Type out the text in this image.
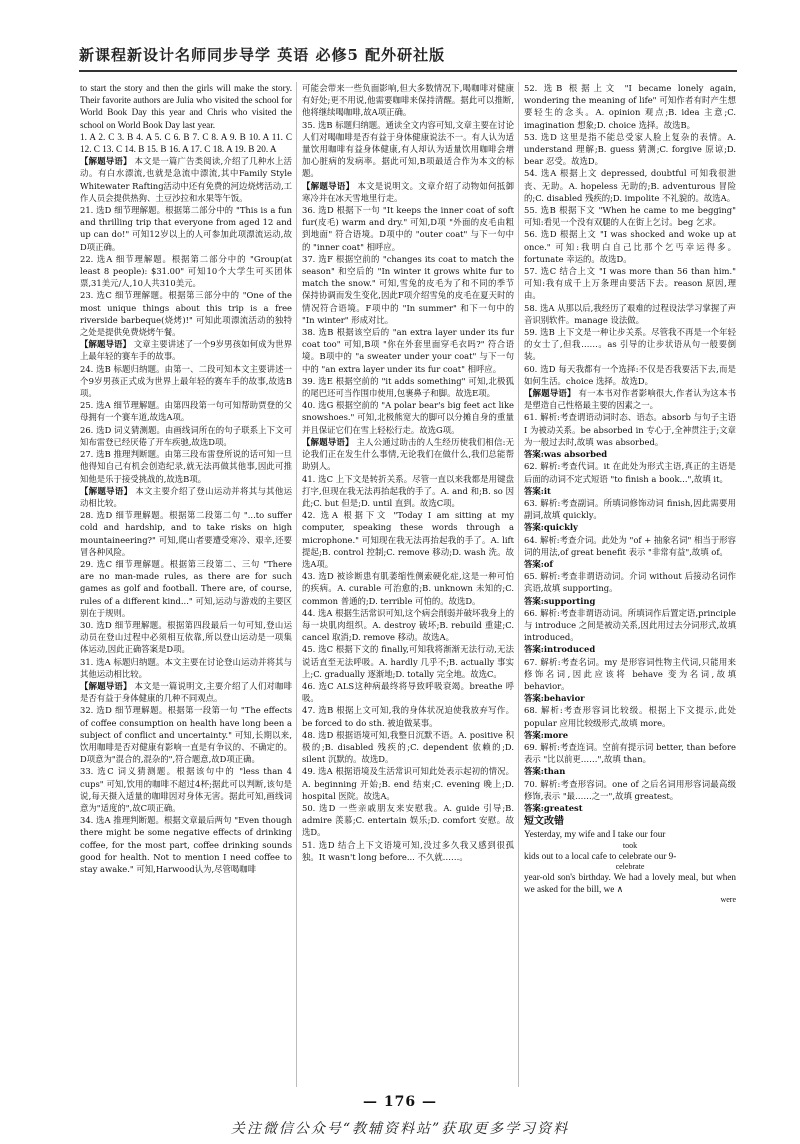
新课程新设计名师同步导学 英语 必修5 配外研社版

to start the story and then the girls will make the story. Their favorite authors are Julia who visited the school for World Book Day this year and Chris who visited the school on World Book Day last year.

1. A 2. C 3. B 4. A 5. C 6. B 7. C 8. A 9. B 10. A 11. C 12. C 13. C 14. B 15. B 16. A 17. C 18. A 19. B 20. A

【解题导语】 本文是一篇广告类阅读,介绍了几种水上活动。有白水漂流,也就是急流中漂流,其中Family Style Whitewater Rafting活动中还有免费的河边烧烤活动,工作人员会提供热狗、土豆沙拉和水果等午饭。

21. 选D 细节理解题。根据第二部分中的 "This is a fun and thrilling trip that everyone from aged 12 and up can do!" 可知12岁以上的人可参加此项漂流运动,故D项正确。

22. 选A 细节理解题。根据第二部分中的 "Group(at least 8 people): $31.00" 可知10个大学生可买团体票,31美元/人,10人共310美元。

23. 选C 细节理解题。根据第三部分中的 "One of the most unique things about this trip is a free riverside barbeque(烧烤)!" 可知此项漂流活动的独特之处是提供免费烧烤午餐。

【解题导语】 文章主要讲述了一个9岁男孩如何成为世界上最年轻的赛车手的故事。

24. 选B 标题归纳题。由第一、二段可知本文主要讲述一个9岁男孩正式成为世界上最年轻的赛车手的故事,故选B项。

25. 选A 细节理解题。由第四段第一句可知帮助贾登的父母拥有一个赛车道,故选A项。

26. 选D 词义猜测题。由画线词所在的句子联系上下文可知布雷登已经厌倦了开车疾驰,故选D项。

27. 选B 推理判断题。由第三段布雷登所说的话可知一旦他得知自己有机会创造纪录,就无法再做其他事,因此可推知他是乐于接受挑战的,故选B项。

【解题导语】 本文主要介绍了登山运动并将其与其他运动相比较。

28. 选D 细节理解题。根据第二段第二句 "...to suffer cold and hardship, and to take risks on high mountaineering?" 可知,爬山者要遭受寒冷、艰辛,还要冒各种风险。

29. 选C 细节理解题。根据第三段第二、三句 "There are no man-made rules, as there are for such games as golf and football. There are, of course, rules of a different kind..." 可知,运动与游戏的主要区别在于规则。

30. 选D 细节理解题。根据第四段最后一句可知,登山运动员在登山过程中必须相互依靠,所以登山运动是一项集体运动,因此正确答案是D项。

31. 选A 标题归纳题。本文主要在讨论登山运动并将其与其他运动相比较。

【解题导语】 本文是一篇说明文,主要介绍了人们对咖啡是否有益于身体健康的几种不同观点。

32. 选D 细节理解题。根据第一段第一句 "The effects of coffee consumption on health have long been a subject of conflict and uncertainty." 可知,长期以来,饮用咖啡是否对健康有影响一直是有争议的、不确定的。D项意为"混合的,混杂的",符合题意,故D项正确。

33. 选C 词义猜测题。根据该句中的 "less than 4 cups" 可知,饮用的咖啡不超过4杯;据此可以判断,该句是说,每天摄入适量的咖啡因对身体无害。据此可知,画线词意为"适度的",故C项正确。

34. 选A 推理判断题。根据文章最后两句 "Even though there might be some negative effects of drinking coffee, for the most part, coffee drinking sounds good for health. Not to mention I need coffee to stay awake." 可知,Harwood认为,尽管喝咖啡

可能会带来一些负面影响,但大多数情况下,喝咖啡对健康有好处;更不用说,他需要咖啡来保持清醒。据此可以推断,他将继续喝咖啡,故A项正确。

35. 选B 标题归纳题。通读全文内容可知,文章主要在讨论人们对喝咖啡是否有益于身体健康说法不一。有人认为适量饮用咖啡有益身体健康,有人却认为适量饮用咖啡会增加心脏病的发病率。据此可知,B项最适合作为本文的标题。

【解题导语】 本文是说明文。文章介绍了动物如何抵御寒冷并在冰天雪地里行走。

36. 选D 根据下一句 "It keeps the inner coat of soft fur(皮毛) warm and dry." 可知,D项 "外面的皮毛由粗到地面" 符合语境。D项中的 "outer coat" 与下一句中的 "inner coat" 相呼应。

37. 选F 根据空前的 "changes its coat to match the season" 和空后的 "In winter it grows white fur to match the snow." 可知,雪兔的皮毛为了和不同的季节保持协调而发生变化,因此F项介绍雪兔的皮毛在夏天时的情况符合语境。F项中的 "In summer" 和下一句中的 "In winter" 形成对比。

38. 选B 根据该空后的 "an extra layer under its fur coat too" 可知,B项 "你在外套里面穿毛衣吗?" 符合语境。B项中的 "a sweater under your coat" 与下一句中的 "an extra layer under its fur coat" 相呼应。

39. 选E 根据空前的 "it adds something" 可知,北极狐的尾巴还可当作围巾使用,包裹鼻子和脚。故选E项。

40. 选G 根据空前的 "A polar bear's big feet act like snowshoes." 可知,北极熊宽大的脚可以分摊自身的重量并且保证它们在雪上轻松行走。故选G项。

【解题导语】 主人公通过助击的人生经历使我们相信:无论我们正在发生什么事情,无论我们在做什么,我们总能帮助别人。

41. 选C 上下文是转折关系。尽管一直以来我都是用键盘打字,但现在我无法再抬起我的手了。A. and 和;B. so 因此;C. but 但是;D. until 直到。故选C项。

42. 选A 根据下文 "Today I am sitting at my computer, speaking these words through a microphone." 可知现在我无法再抬起我的手了。A. lift 提起;B. control 控制;C. remove 移动;D. wash 洗。故选A项。

43. 选D 被诊断患有肌萎缩性侧索硬化症,这是一种可怕的疾病。A. curable 可治愈的;B. unknown 未知的;C. common 普通的;D. terrible 可怕的。故选D。

44. 选A 根据生活常识可知,这个病会削弱并破坏我身上的每一块肌肉组织。A. destroy 破坏;B. rebuild 重建;C. cancel 取消;D. remove 移动。故选A。

45. 选C 根据下文的 finally,可知我将渐渐无法行动,无法说话直至无法呼吸。A. hardly 几乎不;B. actually 事实上;C. gradually 逐渐地;D. totally 完全地。故选C。

46. 选C ALS这种病最终将导致呼吸衰竭。breathe 呼吸。

47. 选B 根据上文可知,我的身体状况迫使我放弃写作。be forced to do sth. 被迫做某事。

48. 选D 根据语境可知,我整日沉默不语。A. positive 积极的;B. disabled 残疾的;C. dependent 依赖的;D. silent 沉默的。故选D。

49. 选A 根据语境及生活常识可知此处表示起初的情况。A. beginning 开始;B. end 结束;C. evening 晚上;D. hospital 医院。故选A。

50. 选D 一些亲戚朋友来安慰我。A. guide 引导;B. admire 羡慕;C. entertain 娱乐;D. comfort 安慰。故选D。

51. 选D 结合上下文语境可知,没过多久我又感到很孤独。It wasn't long before... 不久就……。

52. 选B 根据上文 "I became lonely again, wondering the meaning of life" 可知作者有时产生想要轻生的念头。A. opinion 观点;B. idea 主意;C. imagination 想象;D. choice 选择。故选B。

53. 选D 这里是指不能总受家人脸上复杂的表情。A. understand 理解;B. guess 猜测;C. forgive 原谅;D. bear 忍受。故选D。

54. 选A 根据上文 depressed, doubtful 可知我很泄丧、无助。A. hopeless 无助的;B. adventurous 冒险的;C. disabled 残疾的;D. impolite 不礼貌的。故选A。

55. 选B 根据下文 "When he came to me begging" 可知:看见一个没有双腿的人在街上乞讨。beg 乞求。

56. 选D 根据上文 "I was shocked and woke up at once." 可知:我明白自己比那个乞丐幸运得多。fortunate 幸运的。故选D。

57. 选C 结合上文 "I was more than 56 than him." 可知:我有成千上万条理由要活下去。reason 原因,理由。

58. 选A 从那以后,我经历了艰难的过程设法学习掌握了声音识别软件。manage 设法做。

59. 选B 上下文是一种让步关系。尽管我不再是一个年轻的女士了,但我……。as 引导的让步状语从句一般要倒装。

60. 选D 每天我都有一个选择:不仅是否我要活下去,而是如何生活。choice 选择。故选D。

【解题导语】 有一本书对作者影响很大,作者认为这本书是塑造自己性格最主要的因素之一。

61. 解析:考查谓语动词时态、语态。absorb 与句子主语 I 为被动关系。be absorbed in 专心于,全神贯注于;文章为一般过去时,故填 was absorbed。

答案:was absorbed

62. 解析:考查代词。it 在此处为形式主语,真正的主语是后面的动词不定式短语 "to finish a book...",故填 it。

答案:it

63. 解析:考查副词。所填词修饰动词 finish,因此需要用副词,故填 quickly。

答案:quickly

64. 解析:考查介词。此处为 "of + 抽象名词" 相当于形容词的用法,of great benefit 表示 "非常有益",故填 of。

答案:of

65. 解析:考查非谓语动词。介词 without 后接动名词作宾语,故填 supporting。

答案:supporting

66. 解析:考查非谓语动词。所填词作后置定语,principle 与 introduce 之间是被动关系,因此用过去分词形式,故填 introduced。

答案:introduced

67. 解析:考查名词。my 是形容词性物主代词,只能用来修饰名词,因此应该将 behave 变为名词,故填 behavior。

答案:behavior

68. 解析:考查形容词比较级。根据上下文提示,此处 popular 应用比较级形式,故填 more。

答案:more

69. 解析:考查连词。空前有提示词 better, than before 表示 "比以前更……",故填 than。

答案:than

70. 解析:考查形容词。one of 之后名词用形容词最高级修饰,表示 "最……之一",故填 greatest。

答案:greatest

短文改错

Yesterday, my wife and I take our four

took

kids out to a local cafe to celebrate our 9-

celebrate

year-old son's birthday. We had a lovely meal, but when we asked for the bill, we ∧

were
— 176 —
关注微信公众号“教辅资料站”获取更多学习资料
